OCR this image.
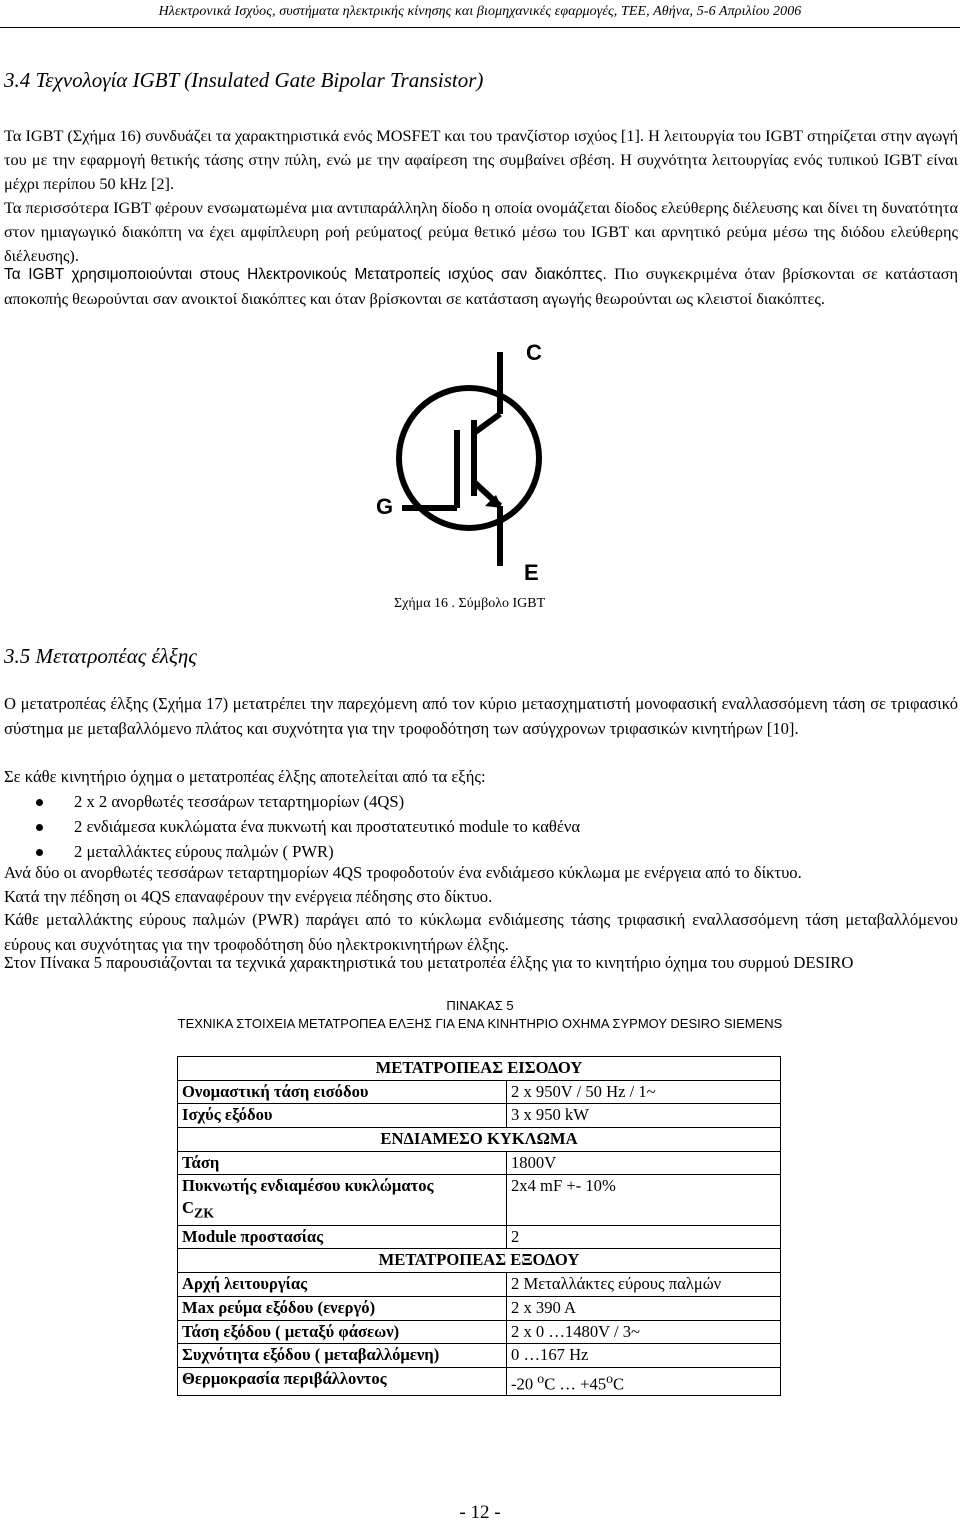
Ηλεκτρονικά Ισχύος, συστήματα ηλεκτρικής κίνησης και βιομηχανικές εφαρμογές, ΤΕΕ, Αθήνα, 5-6 Απριλίου 2006
3.4 Τεχνολογία IGBT (Insulated Gate Bipolar Transistor)

Τα IGBT (Σχήμα 16) συνδυάζει τα χαρακτηριστικά ενός MOSFET και του τρανζίστορ ισχύος [1]. Η λειτουργία του IGBT στηρίζεται στην αγωγή του με την εφαρμογή θετικής τάσης στην πύλη, ενώ με την αφαίρεση της συμβαίνει σβέση. Η συχνότητα λειτουργίας ενός τυπικού IGBT είναι μέχρι περίπου 50 kHz [2].

Τα περισσότερα IGBT φέρουν ενσωματωμένα μια αντιπαράλληλη δίοδο η οποία ονομάζεται δίοδος ελεύθερης διέλευσης και δίνει τη δυνατότητα στον ημιαγωγικό διακόπτη να έχει αμφίπλευρη ροή ρεύματος( ρεύμα θετικό μέσω του IGBT και αρνητικό ρεύμα μέσω της διόδου ελεύθερης διέλευσης).

Τα IGBT χρησιμοποιούνται στους Ηλεκτρονικούς Μετατροπείς ισχύος σαν διακόπτες. Πιο συγκεκριμένα όταν βρίσκονται σε κατάσταση αποκοπής θεωρούνται σαν ανοικτοί διακόπτες και όταν βρίσκονται σε κατάσταση αγωγής θεωρούνται ως κλειστοί διακόπτες.

C
G
E
Σχήμα 16 . Σύμβολο IGBT
3.5 Μετατροπέας έλξης

Ο μετατροπέας έλξης (Σχήμα 17) μετατρέπει την παρεχόμενη από τον κύριο μετασχηματιστή μονοφασική εναλλασσόμενη τάση σε τριφασικό σύστημα με μεταβαλλόμενο πλάτος και συχνότητα για την τροφοδότηση των ασύγχρονων τριφασικών κινητήρων [10].

Σε κάθε κινητήριο όχημα ο μετατροπέας έλξης αποτελείται από τα εξής:

2 x 2 ανορθωτές τεσσάρων τεταρτημορίων (4QS)
2 ενδιάμεσα κυκλώματα ένα πυκνωτή και προστατευτικό module το καθένα
2 μεταλλάκτες εύρους παλμών ( PWR)

Ανά δύο οι ανορθωτές τεσσάρων τεταρτημορίων 4QS τροφοδοτούν ένα ενδιάμεσο κύκλωμα με ενέργεια από το δίκτυο.

Κατά την πέδηση οι 4QS επαναφέρουν την ενέργεια πέδησης στο δίκτυο.

Κάθε μεταλλάκτης εύρους παλμών (PWR) παράγει από το κύκλωμα ενδιάμεσης τάσης τριφασική εναλλασσόμενη τάση μεταβαλλόμενου εύρους και συχνότητας για την τροφοδότηση δύο ηλεκτροκινητήρων έλξης.

Στον Πίνακα 5 παρουσιάζονται τα τεχνικά χαρακτηριστικά του μετατροπέα έλξης για το κινητήριο όχημα του συρμού DESIRO

ΠΙΝΑΚΑΣ 5
ΤΕΧΝΙΚΑ ΣΤΟΙΧΕΙΑ ΜΕΤΑΤΡΟΠΕΑ ΕΛΞΗΣ ΓΙΑ ΕΝΑ ΚΙΝΗΤΗΡΙΟ ΟΧΗΜΑ ΣΥΡΜΟΥ DESIRO SIEMENS
ΜΕΤΑΤΡΟΠΕΑΣ ΕΙΣΟΔΟΥ	
Ονομαστική τάση εισόδου	2 x 950V / 50 Hz / 1~
Ισχύς εξόδου	3 x 950 kW
ΕΝΔΙΑΜΕΣΟ ΚΥΚΛΩΜΑ	
Τάση	1800V
Πυκνωτής ενδιαμέσου κυκλώματος
$C_{ZK}$	2x4 mF +- 10%
Module προστασίας	2
ΜΕΤΑΤΡΟΠΕΑΣ ΕΞΟΔΟΥ	
Αρχή λειτουργίας	2 Μεταλλάκτες εύρους παλμών
Max ρεύμα εξόδου (ενεργό)	2 x 390 A
Τάση εξόδου ( μεταξύ φάσεων)	2 x 0 …1480V / 3~
Συχνότητα εξόδου ( μεταβαλλόμενη)	0 …167 Hz
Θερμοκρασία περιβάλλοντος	-20 $^o$C … $+45^oC$
- 12 -
